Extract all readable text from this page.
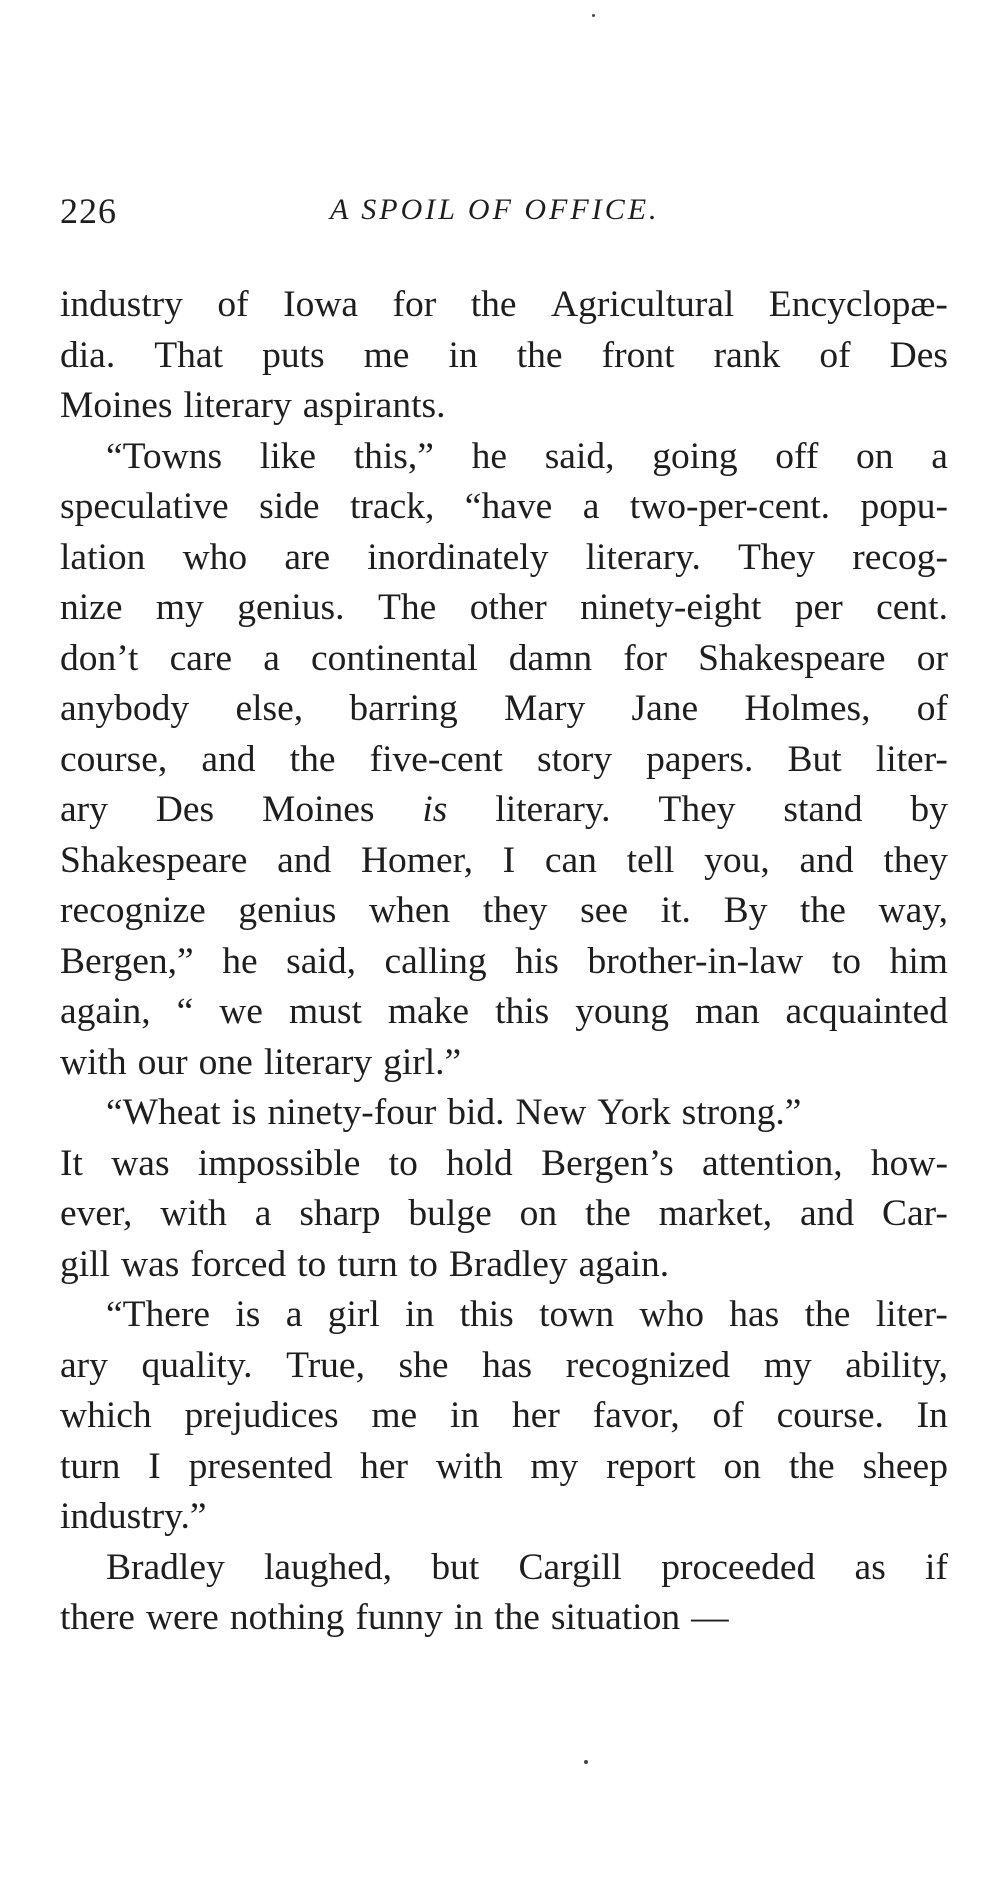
226	A SPOIL OF OFFICE.
industry of Iowa for the Agricultural Encyclopæ-
dia. That puts me in the front rank of Des
Moines literary aspirants.
“Towns like this,” he said, going off on a
speculative side track, “have a two-per-cent. popu-
lation who are inordinately literary. They recog-
nize my genius. The other ninety-eight per cent.
don’t care a continental damn for Shakespeare or
anybody else, barring Mary Jane Holmes, of
course, and the five-cent story papers. But liter-
ary Des Moines is literary. They stand by
Shakespeare and Homer, I can tell you, and they
recognize genius when they see it. By the way,
Bergen,” he said, calling his brother-in-law to him
again, “ we must make this young man acquainted
with our one literary girl.”
“Wheat is ninety-four bid. New York strong.”
It was impossible to hold Bergen’s attention, how-
ever, with a sharp bulge on the market, and Car-
gill was forced to turn to Bradley again.
“There is a girl in this town who has the liter-
ary quality. True, she has recognized my ability,
which prejudices me in her favor, of course. In
turn I presented her with my report on the sheep
industry.”
Bradley laughed, but Cargill proceeded as if
there were nothing funny in the situation —
